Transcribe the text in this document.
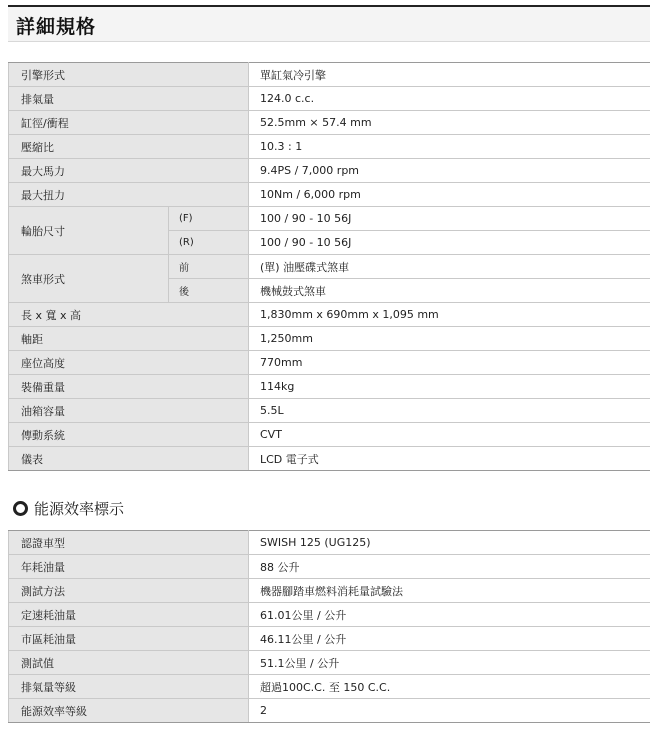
詳細規格
引擎形式		單缸氣冷引擎
排氣量		124.0 c.c.
缸徑/衝程		52.5mm × 57.4 mm
壓縮比		10.3 : 1
最大馬力		9.4PS / 7,000 rpm
最大扭力		10Nm / 6,000 rpm
輪胎尺寸	(F)	100 / 90 - 10 56J
	(R)	100 / 90 - 10 56J
煞車形式	前	(單) 油壓碟式煞車
	後	機械鼓式煞車
長 x 寬 x 高		1,830mm x 690mm x 1,095 mm
軸距		1,250mm
座位高度		770mm
裝備重量		114kg
油箱容量		5.5L
傳動系統		CVT
儀表		LCD 電子式
能源效率標示
認證車型	SWISH 125 (UG125)
年耗油量	88 公升
測試方法	機器腳踏車燃料消耗量試驗法
定速耗油量	61.01公里 / 公升
市區耗油量	46.11公里 / 公升
測試值	51.1公里 / 公升
排氣量等級	超過100C.C. 至 150 C.C.
能源效率等級	2
